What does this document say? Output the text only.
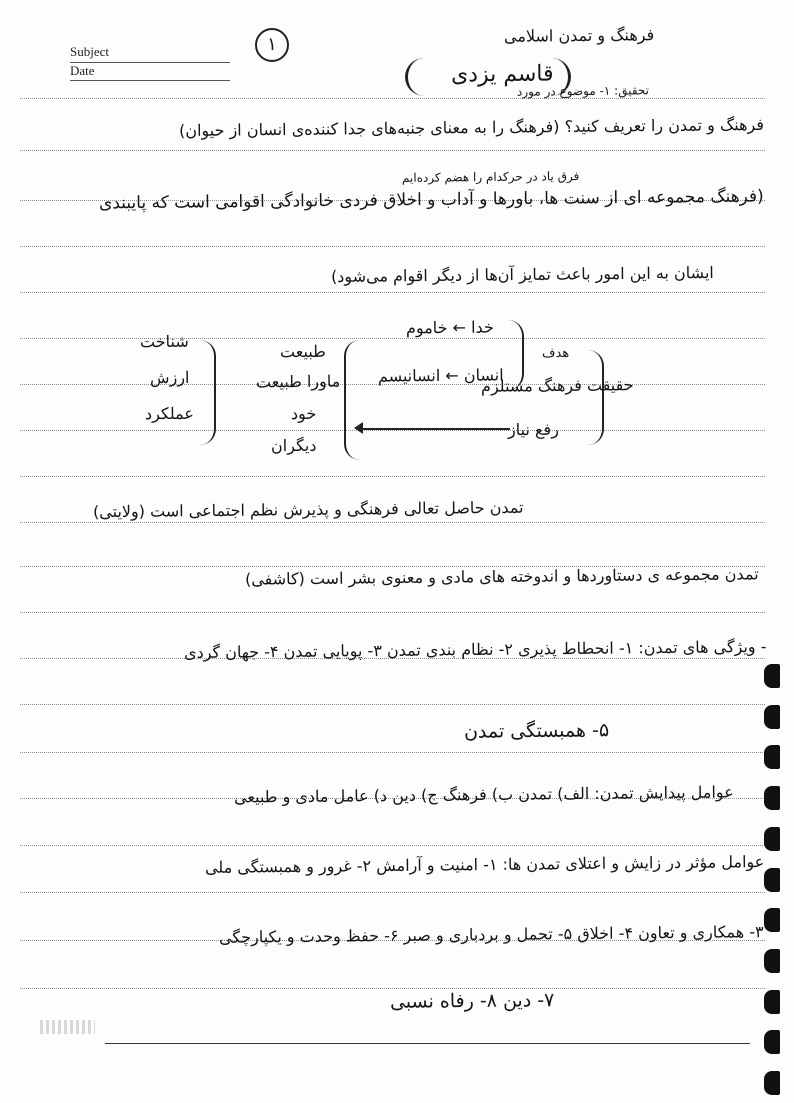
Subject
Date
۱	فرهنگ و تمدن اسلامی
قاسم یزدی
تحقیق: ۱- موضوع در مورد
فرهنگ و تمدن را تعریف کنید؟ (فرهنگ را به معنای جنبه‌های جدا کننده‌ی انسان از حیوان)
فرق یاد در حرکدام را هضم کرده‌ایم
(فرهنگ مجموعه ای از سنت ها، باورها و آداب و اخلاق فردی خانوادگی اقوامی است که پایبندی
ایشان به این امور باعث تمایز آن‌ها از دیگر اقوام می‌شود)
حقیقت فرهنگ مستلزم
هدف
خدا ← خاموم
انسان ← انسانیسم
رفع نیاز
طبیعت
ماورا طبیعت
خود
دیگران
شناخت
ارزش
عملکرد
تمدن حاصل تعالی فرهنگی و پذیرش نظم اجتماعی است (ولایتی)
تمدن مجموعه ی دستاوردها و اندوخته های مادی و معنوی بشر است (کاشفی)
- ویژگی های تمدن: ۱- انحطاط پذیری ۲- نظام بندی تمدن ۳- پویایی تمدن ۴- جهان گردی
۵- همبستگی تمدن
عوامل پیدایش تمدن: الف) تمدن ب) فرهنگ ج) دین د) عامل مادی و طبیعی
عوامل مؤثر در زایش و اعتلای تمدن ها: ۱- امنیت و آرامش ۲- غرور و همبستگی ملی
۳- همکاری و تعاون ۴- اخلاق ۵- تحمل و بردباری و صبر ۶- حفظ وحدت و یکپارچگی
۷- دین ۸- رفاه نسبی
